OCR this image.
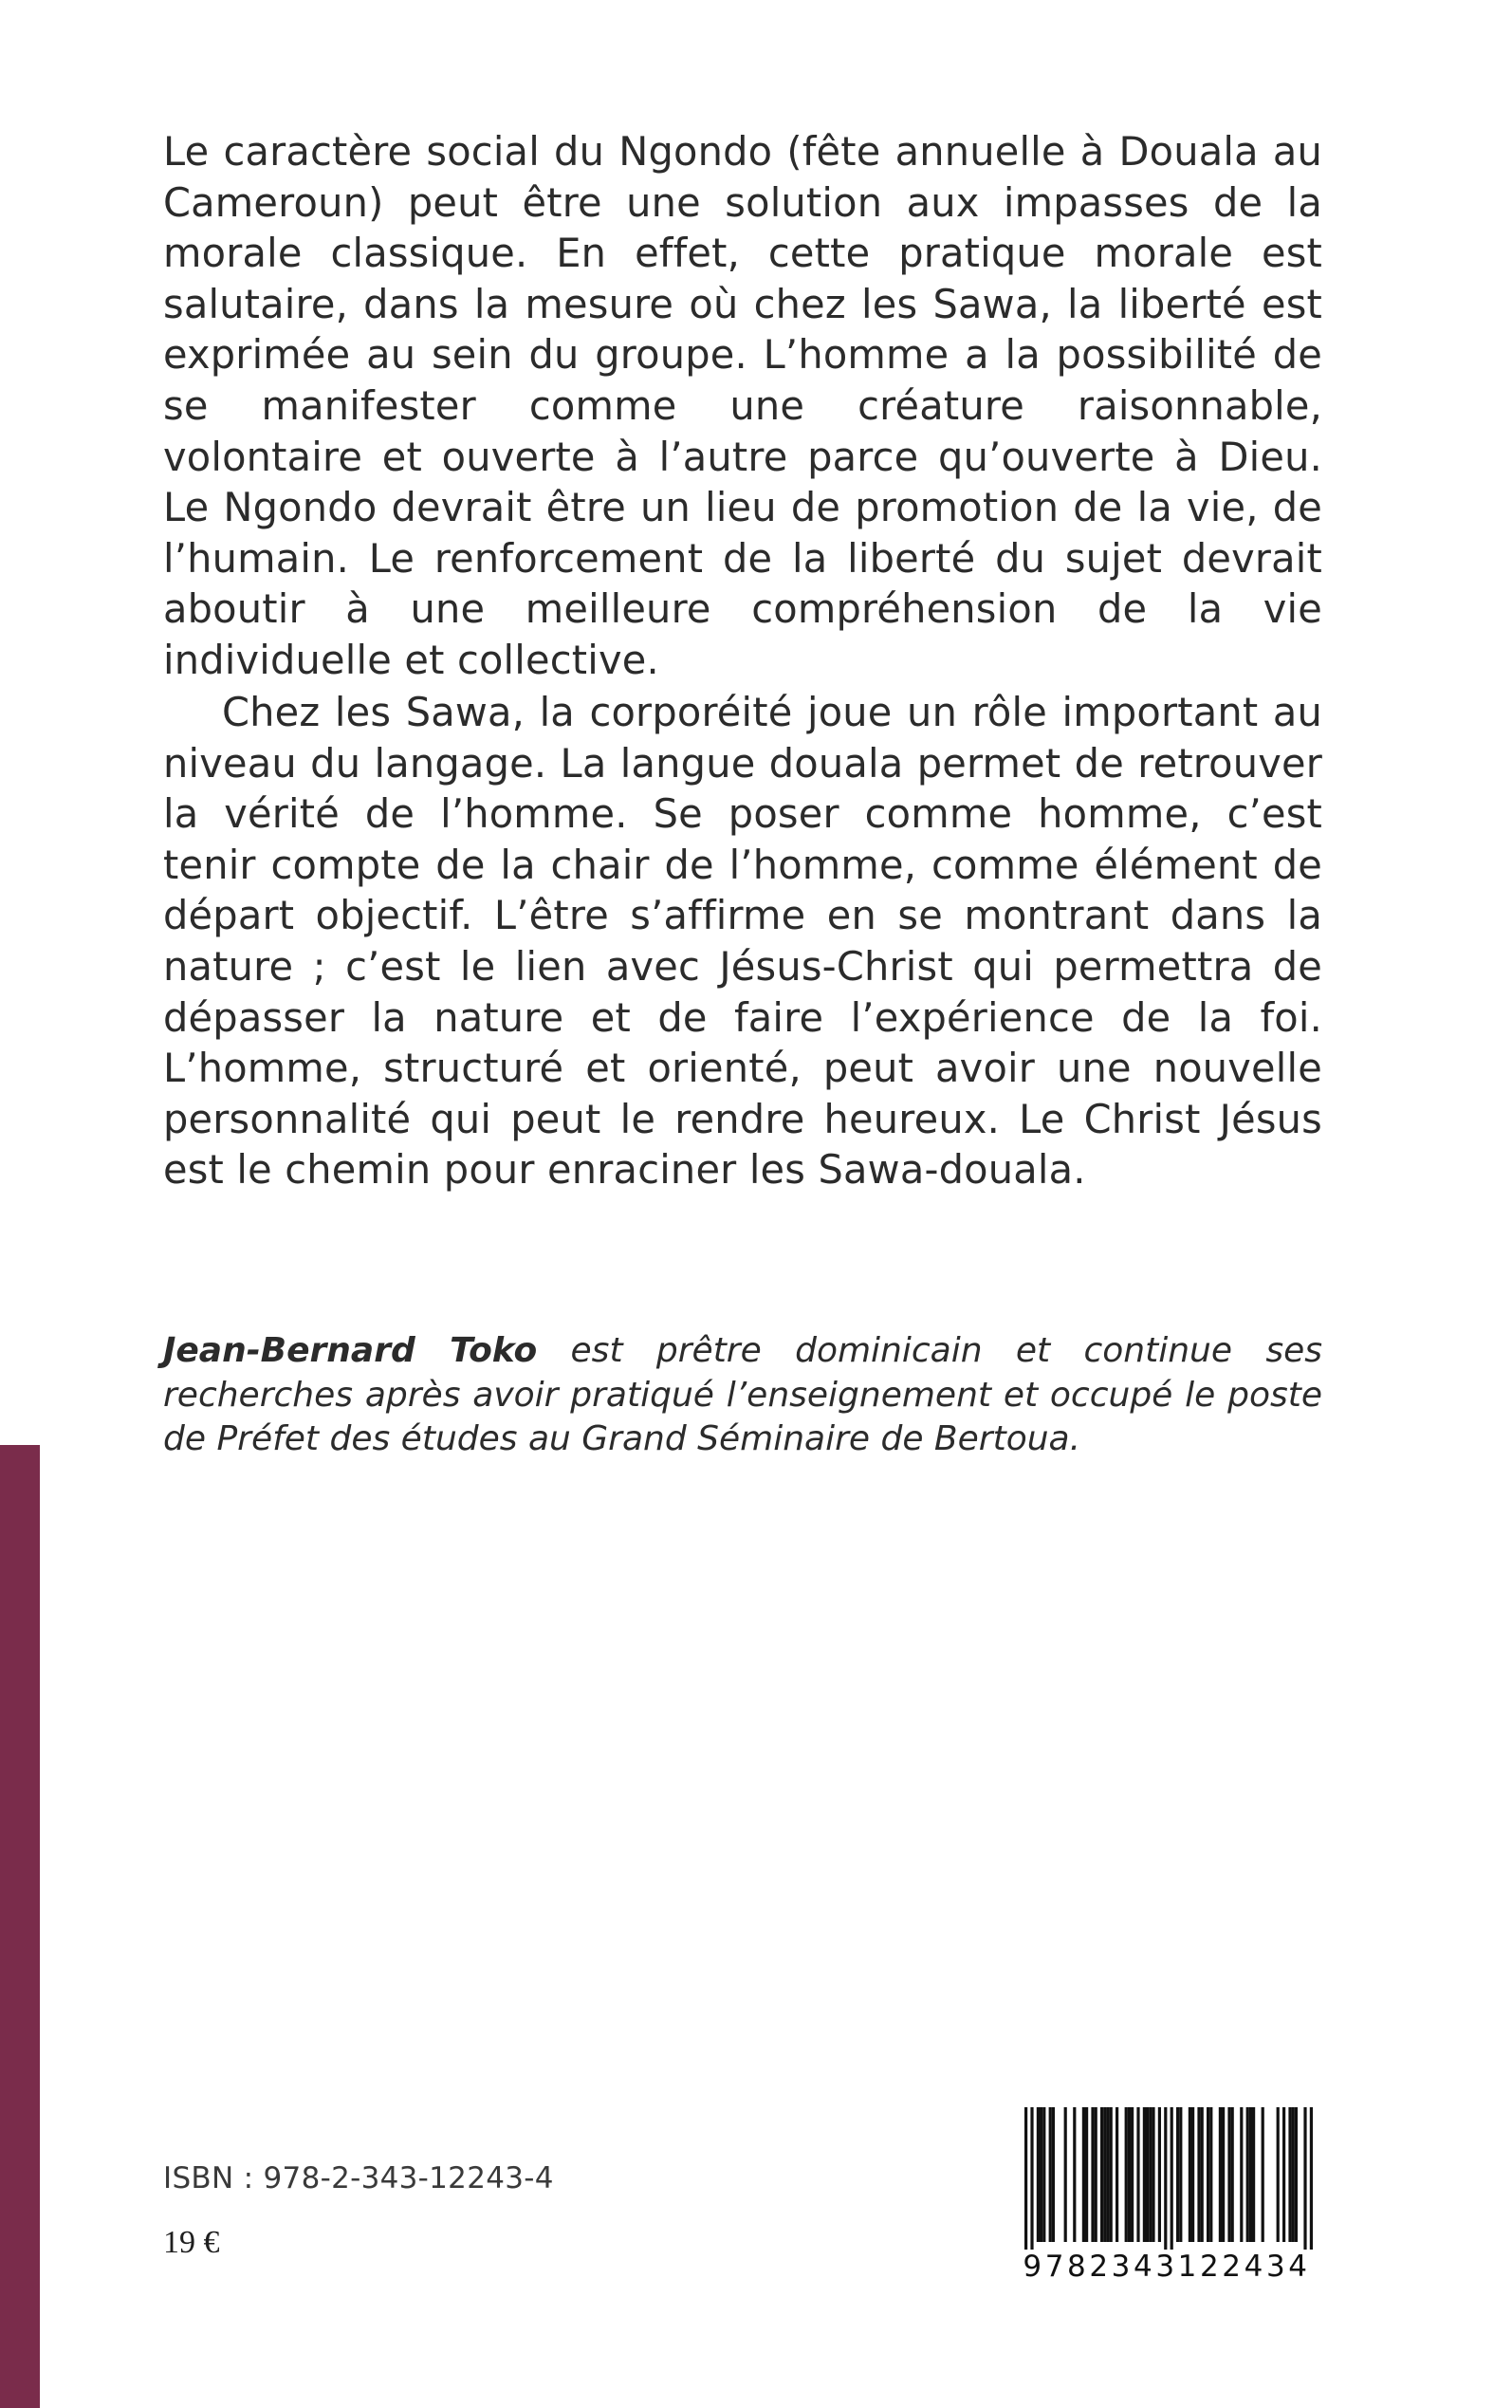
Le caractère social du Ngondo (fête annuelle à Douala au Cameroun) peut être une solution aux impasses de la morale classique. En effet, cette pratique morale est salutaire, dans la mesure où chez les Sawa, la liberté est exprimée au sein du groupe. L’homme a la possibilité de se manifester comme une créature raisonnable, volontaire et ouverte à l’autre parce qu’ouverte à Dieu. Le Ngondo devrait être un lieu de promotion de la vie, de l’humain. Le renforcement de la liberté du sujet devrait aboutir à une meilleure compréhension de la vie individuelle et collective.

Chez les Sawa, la corporéité joue un rôle important au niveau du langage. La langue douala permet de retrouver la vérité de l’homme. Se poser comme homme, c’est tenir compte de la chair de l’homme, comme élément de départ objectif. L’être s’affirme en se montrant dans la nature ; c’est le lien avec Jésus-Christ qui permettra de dépasser la nature et de faire l’expérience de la foi. L’homme, structuré et orienté, peut avoir une nouvelle personnalité qui peut le rendre heureux. Le Christ Jésus est le chemin pour enraciner les Sawa-douala.

Jean-Bernard Toko est prêtre dominicain et continue ses recherches après avoir pratiqué l’enseignement et occupé le poste de Préfet des études au Grand Séminaire de Bertoua.

ISBN : 978-2-343-12243-4
19 €
9782343122434
